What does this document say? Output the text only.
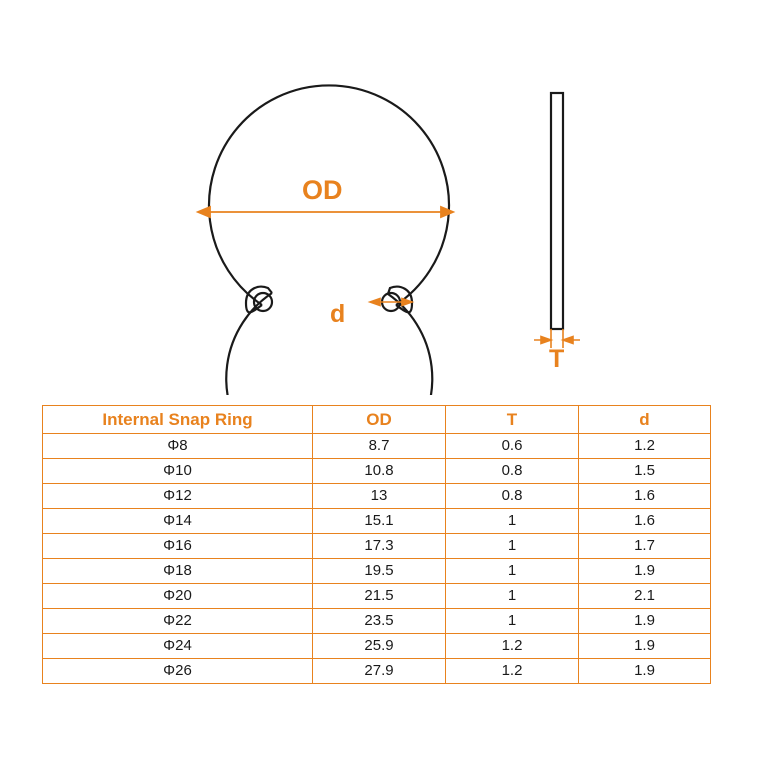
OD
d
T
Internal Snap Ring	OD	T	d
Φ8	8.7	0.6	1.2
Φ10	10.8	0.8	1.5
Φ12	13	0.8	1.6
Φ14	15.1	1	1.6
Φ16	17.3	1	1.7
Φ18	19.5	1	1.9
Φ20	21.5	1	2.1
Φ22	23.5	1	1.9
Φ24	25.9	1.2	1.9
Φ26	27.9	1.2	1.9
